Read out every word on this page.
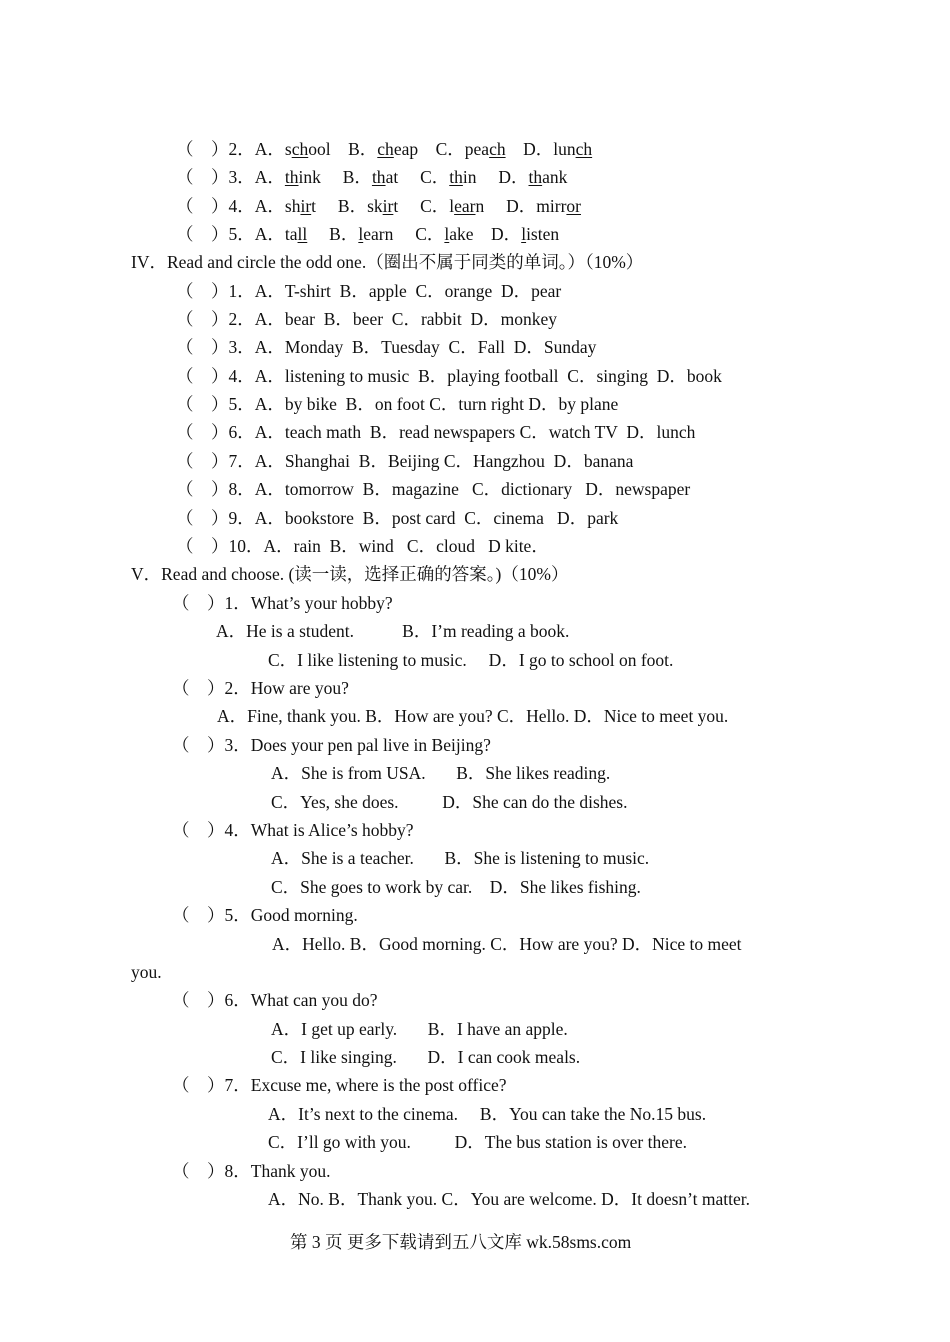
（　）2．A．school　B．cheap　C．peach　D．lunch
（　）3．A．think　 B．that　 C．thin　 D．thank
（　）4．A．shirt　 B．skirt　 C．learn　 D．mirror
（　）5．A．tall　 B．learn　 C．lake　D．listen
IV．Read and circle the odd one.（圈出不属于同类的单词。）（10%）
（　）1．A．T-shirt  B．apple  C．orange  D．pear
（　）2．A．bear  B．beer  C．rabbit  D．monkey
（　）3．A．Monday  B．Tuesday  C．Fall  D．Sunday
（　）4．A．listening to music  B．playing football  C．singing  D．book
（　）5．A．by bike  B．on foot C．turn right D．by plane
（　）6．A．teach math  B．read newspapers C．watch TV  D．lunch
（　）7．A．Shanghai  B．Beijing C．Hangzhou  D．banana
（　）8．A．tomorrow  B．magazine   C．dictionary   D．newspaper
（　）9．A．bookstore  B．post card  C．cinema   D．park
（　）10．A．rain  B．wind   C．cloud   D kite．
V．Read and choose. (读一读，选择正确的答案。)（10%）
（　）1．What’s your hobby?
A．He is a student.           B．I’m reading a book.
C．I like listening to music.     D．I go to school on foot.
（　）2．How are you?
A．Fine, thank you. B．How are you? C．Hello. D．Nice to meet you.
（　）3．Does your pen pal live in Beijing?
A．She is from USA.       B．She likes reading.
C．Yes, she does.          D．She can do the dishes.
（　）4．What is Alice’s hobby?
A．She is a teacher.       B．She is listening to music.
C．She goes to work by car.    D．She likes fishing.
（　）5．Good morning.
A．Hello. B．Good morning. C．How are you? D．Nice to meet
you.
（　）6．What can you do?
A．I get up early.       B．I have an apple.
C．I like singing.       D．I can cook meals.
（　）7．Excuse me, where is the post office?
A．It’s next to the cinema.     B．You can take the No.15 bus.
C．I’ll go with you.          D．The bus station is over there.
（　）8．Thank you.
A．No. B．Thank you. C．You are welcome. D．It doesn’t matter.
第 3 页 更多下载请到五八文库 wk.58sms.com
